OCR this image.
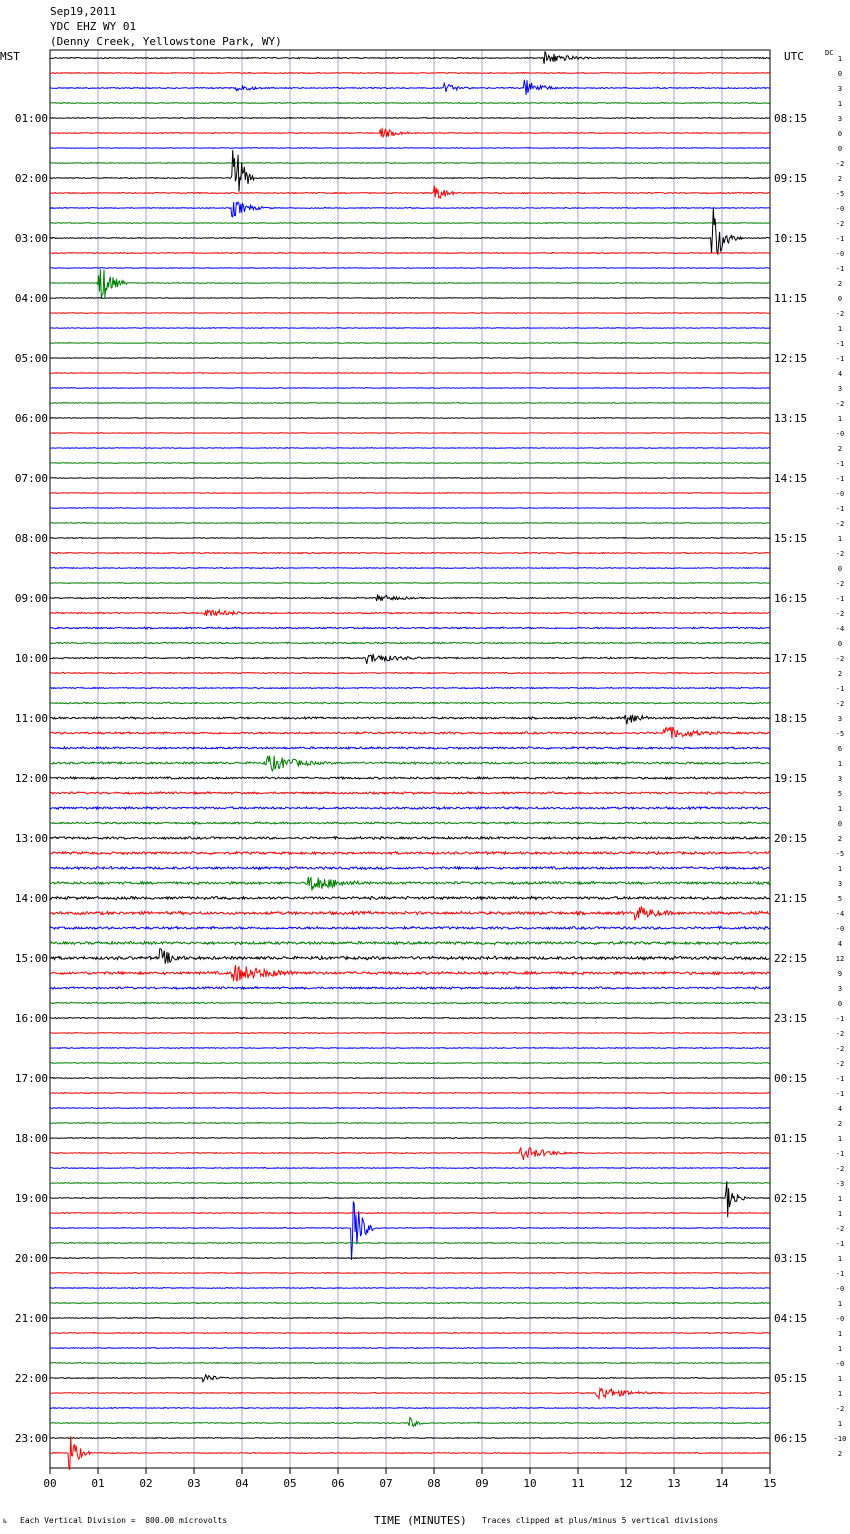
Sep19,2011
YDC EHZ WY 01
(Denny Creek, Yellowstone Park, WY)
MST	UTC	DC
1
0
3
1
3
0
0
-2
2
-5
-0
-2
-1
-0
-1
2
0
-2
1
-1
-1
4
3
-2
1
-0
2
-1
-1
-0
-1
-2
1
-2
0
-2
-1
-2
-4
0
-2
2
-1
-2
3
-5
6
1
3
5
1
0
2
-5
1
3
5
-4
-0
4
12
9
3
0
-1
-2
-2
-2
-1
-1
4
2
1
-1
-2
-3
1
1
-2
-1
1
-1
-0
1
-0
1
1
-0
1
1
-2
1
-10
2
01:00
02:00
03:00
04:00
05:00
06:00
07:00
08:00
09:00
10:00
11:00
12:00
13:00
14:00
15:00
16:00
17:00
18:00
19:00
20:00
21:00
22:00
23:00
08:15
09:15
10:15
11:15
12:15
13:15
14:15
15:15
16:15
17:15
18:15
19:15
20:15
21:15
22:15
23:15
00:15
01:15
02:15
03:15
04:15
05:15
06:15
00	01	02	03	04	05	06	07	08	09	10	11	12	13	14	15
‰ Each Vertical Division =  800.00 microvolts	TIME (MINUTES) Traces clipped at plus/minus 5 vertical divisions
